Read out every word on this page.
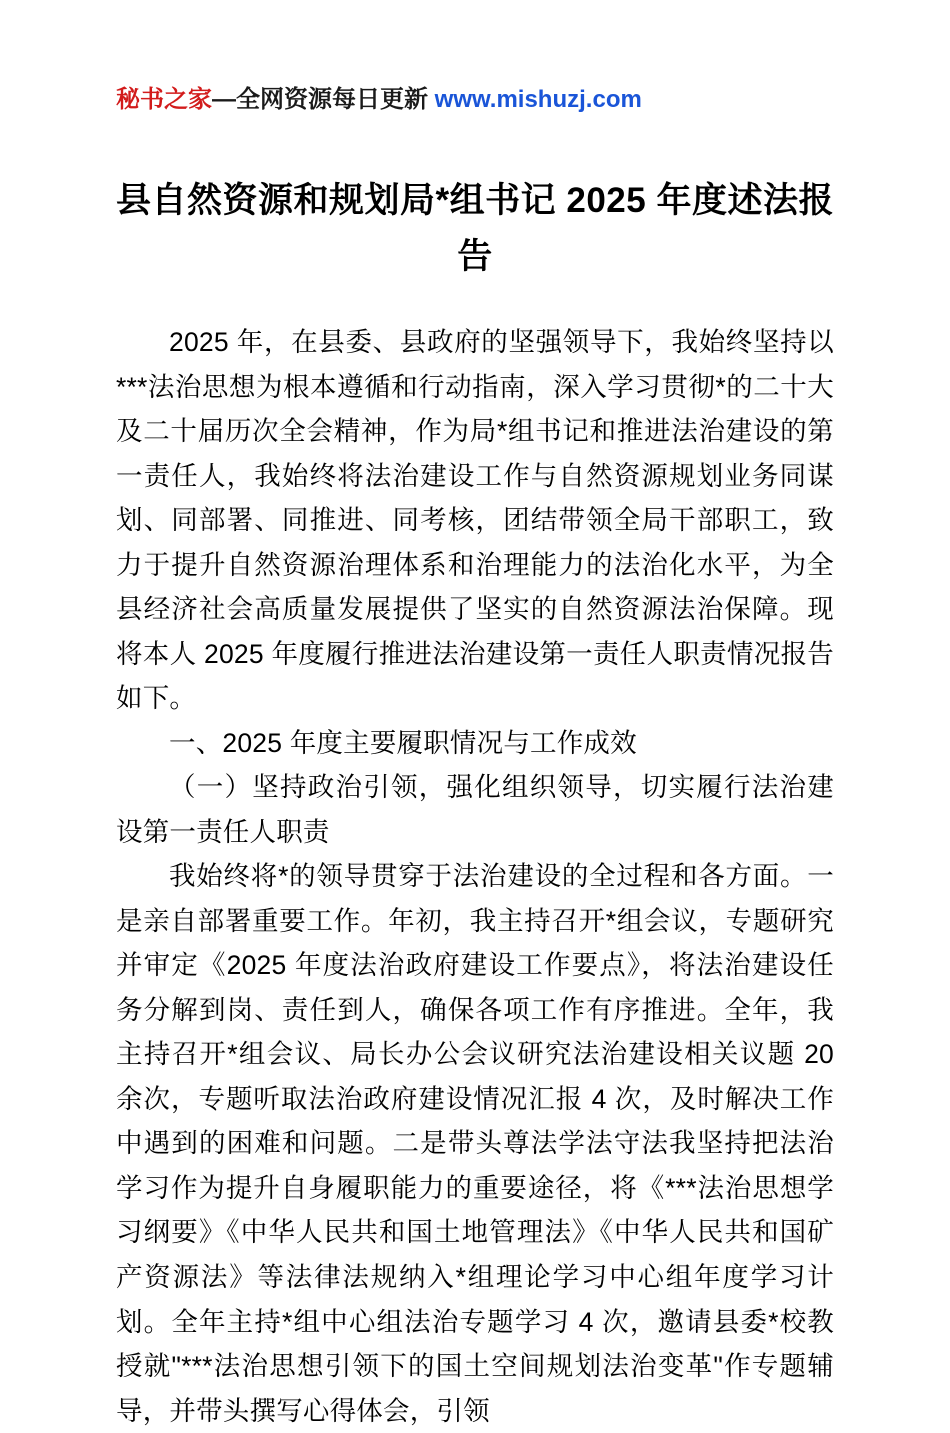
秘书之家—全网资源每日更新 www.mishuzj.com
县自然资源和规划局*组书记 2025 年度述法报告

2025 年，在县委、县政府的坚强领导下，我始终坚持以***法治思想为根本遵循和行动指南，深入学习贯彻*的二十大及二十届历次全会精神，作为局*组书记和推进法治建设的第一责任人，我始终将法治建设工作与自然资源规划业务同谋划、同部署、同推进、同考核，团结带领全局干部职工，致力于提升自然资源治理体系和治理能力的法治化水平，为全县经济社会高质量发展提供了坚实的自然资源法治保障。现将本人 2025 年度履行推进法治建设第一责任人职责情况报告如下。

一、2025 年度主要履职情况与工作成效

（一）坚持政治引领，强化组织领导，切实履行法治建设第一责任人职责

我始终将*的领导贯穿于法治建设的全过程和各方面。一是亲自部署重要工作。年初，我主持召开*组会议，专题研究并审定《2025 年度法治政府建设工作要点》，将法治建设任务分解到岗、责任到人，确保各项工作有序推进。全年，我主持召开*组会议、局长办公会议研究法治建设相关议题 20 余次，专题听取法治政府建设情况汇报 4 次，及时解决工作中遇到的困难和问题。二是带头尊法学法守法我坚持把法治学习作为提升自身履职能力的重要途径，将《***法治思想学习纲要》《中华人民共和国土地管理法》《中华人民共和国矿产资源法》等法律法规纳入*组理论学习中心组年度学习计划。全年主持*组中心组法治专题学习 4 次，邀请县委*校教授就"***法治思想引领下的国土空间规划法治变革"作专题辅导，并带头撰写心得体会，引领
